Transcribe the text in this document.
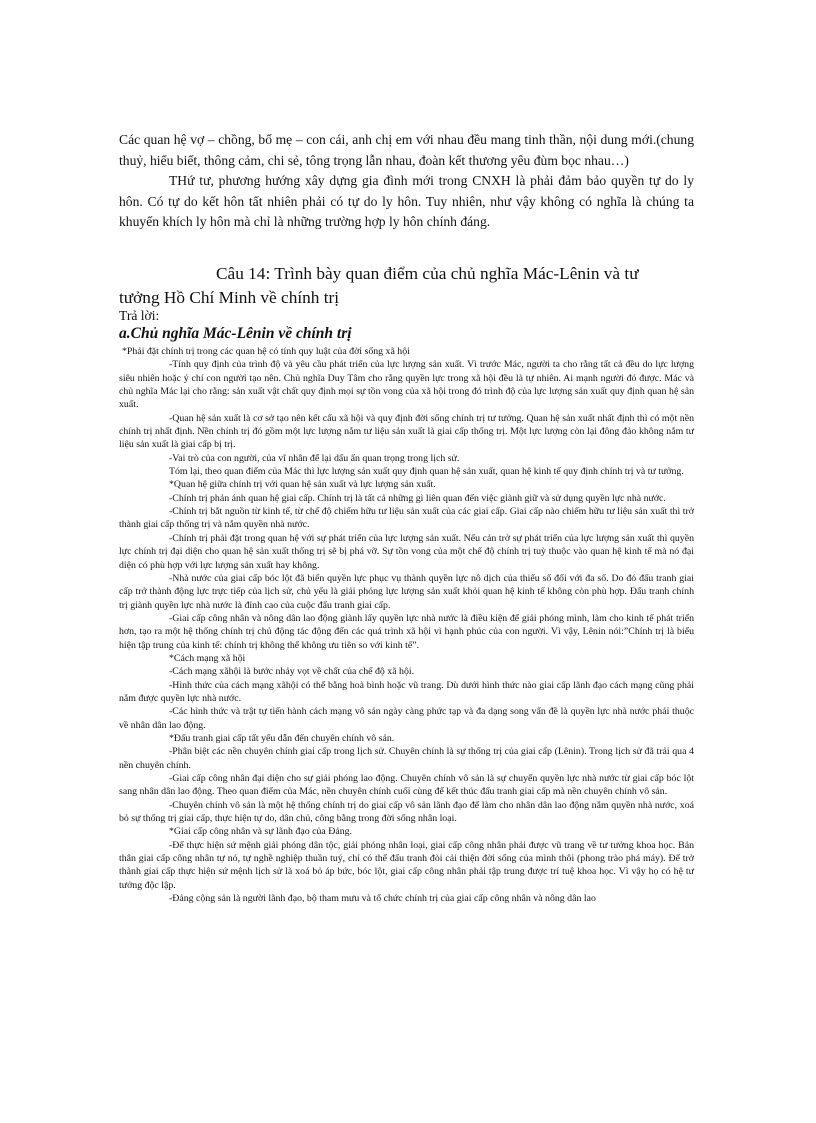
Các quan hệ vợ – chồng, bố mẹ – con cái, anh chị em với nhau đều mang tinh thần, nội dung mới.(chung thuỷ, hiểu biết, thông cảm, chi sẻ, tông trọng lẫn nhau, đoàn kết thương yêu đùm bọc nhau…)

THứ tư, phương hướng xây dựng gia đình mới trong CNXH là phải đảm bảo quyền tự do ly hôn. Có tự do kết hôn tất nhiên phải có tự do ly hôn. Tuy nhiên, như vậy không có nghĩa là chúng ta khuyến khích ly hôn mà chỉ là những trường hợp ly hôn chính đáng.

Câu 14: Trình bày quan điểm của chủ nghĩa Mác-Lênin và tư
tưởng Hồ Chí Minh về chính trị

Trả lời:

a.Chủ nghĩa Mác-Lênin về chính trị

*Phải đặt chính trị trong các quan hệ có tính quy luật của đời sống xã hội

-Tính quy định của trình độ và yêu cầu phát triển của lực lượng sản xuất. Vì trước Mác, người ta cho rằng tất cả đều do lực lượng siêu nhiên hoặc ý chí con người tạo nên. Chủ nghĩa Duy Tâm cho rằng quyền lực trong xã hội đều là tự nhiên. Ai mạnh người đó được. Mác và chủ nghĩa Mác lại cho rằng: sản xuất vật chất quy định mọi sự tồn vong của xã hội trong đó trình độ của lực lượng sản xuất quy định quan hệ sản xuất.

-Quan hệ sản xuất là cơ sở tạo nên kết cấu xã hội và quy định đời sống chính trị tư tưởng. Quan hệ sản xuất nhất định thì có một nền chính trị nhất định. Nền chính trị đó gồm một lực lượng nắm tư liệu sản xuất là giai cấp thống trị. Một lực lượng còn lại đông đảo không nắm tư liệu sản xuất là giai cấp bị trị.

-Vai trò của con người, của vĩ nhân để lại dấu ấn quan trọng trong lịch sử.

Tóm lại, theo quan điểm của Mác thì lực lượng sản xuất quy định quan hệ sản xuất, quan hệ kinh tế quy định chính trị và tư tưởng.

*Quan hệ giữa chính trị với quan hệ sản xuất và lực lượng sản xuất.

-Chính trị phản ánh quan hệ giai cấp. Chính trị là tất cả những gì liên quan đến việc giành giữ và sử dụng quyền lực nhà nước.

-Chính trị bắt nguồn từ kinh tế, từ chế độ chiếm hữu tư liệu sản xuất của các giai cấp. Giai cấp nào chiếm hữu tư liệu sản xuất thì trở thành giai cấp thống trị và nắm quyền nhà nước.

-Chính trị phải đặt trong quan hệ với sự phát triển của lực lượng sản xuất. Nếu cản trở sự phát triển của lực lượng sản xuất thì quyền lực chính trị đại diện cho quan hệ sản xuất thống trị sẽ bị phá vỡ. Sự tồn vong của một chế độ chính trị tuỳ thuộc vào quan hệ kinh tế mà nó đại diện có phù hợp với lực lượng sản xuất hay không.

-Nhà nước của giai cấp bóc lột đã biến quyền lực phục vụ thành quyền lực nô dịch của thiểu số đối với đa số. Do đó đấu tranh giai cấp trở thành động lực trực tiếp của lịch sử, chủ yếu là giải phóng lực lượng sản xuất khỏi quan hệ kinh tế không còn phù hợp. Đấu tranh chính trị giành quyền lực nhà nước là đỉnh cao của cuộc đấu tranh giai cấp.

-Giai cấp công nhân và nông dân lao động giành lấy quyền lực nhà nước là điều kiện để giải phóng mình, làm cho kinh tế phát triển hơn, tạo ra một hệ thống chính trị chủ động tác động đến các quá trình xã hội vì hạnh phúc của con người. Vì vậy, Lênin nói:”Chính trị là biểu hiện tập trung của kinh tế: chính trị không thể không ưu tiên so với kinh tế”.

*Cách mạng xã hội

-Cách mạng xãhội là bước nhảy vọt về chất của chế độ xã hội.

-Hình thức của cách mạng xãhội có thể bằng hoà bình hoặc vũ trang. Dù dưới hình thức nào giai cấp lãnh đạo cách mạng cũng phải nắm được quyền lực nhà nước.

-Các hình thức và trật tự tiến hành cách mạng vô sản ngày càng phức tạp và đa dạng song vấn đề là quyền lực nhà nước phải thuộc về nhân dân lao động.

*Đấu tranh giai cấp tất yếu dẫn đến chuyên chính vô sản.

-Phân biệt các nền chuyên chính giai cấp trong lịch sử. Chuyên chính là sự thống trị của giai cấp (Lênin). Trong lịch sử đã trải qua 4 nền chuyên chính.

-Giai cấp công nhân đại diện cho sự giải phóng lao động. Chuyên chính vô sản là sự chuyển quyền lực nhà nước từ giai cấp bóc lột sang nhân dân lao động. Theo quan điểm của Mác, nền chuyên chính cuối cùng để kết thúc đấu tranh giai cấp mà nền chuyên chính vô sản.

-Chuyên chính vô sản là một hệ thống chính trị do giai cấp vô sản lãnh đạo để làm cho nhân dân lao động nắm quyền nhà nước, xoá bỏ sự thống trị giai cấp, thực hiện tự do, dân chủ, công bằng trong đời sống nhân loại.

*Giai cấp công nhân và sự lãnh đạo của Đảng.

-Để thực hiện sứ mệnh giải phóng dân tộc, giải phóng nhân loại, giai cấp công nhân phải được vũ trang về tư tưởng khoa học. Bản thân giai cấp công nhân tự nó, tự nghề nghiệp thuần tuý, chỉ có thể đấu tranh đòi cải thiện đời sống của mình thôi (phong trào phá máy). Để trở thành giai cấp thực hiện sứ mệnh lịch sử là xoá bỏ áp bức, bóc lột, giai cấp công nhân phải tập trung được trí tuệ khoa học. Vì vậy họ có hệ tư tưởng độc lập.

-Đảng cộng sản là người lãnh đạo, bộ tham mưu và tổ chức chính trị của giai cấp công nhân và nông dân lao
